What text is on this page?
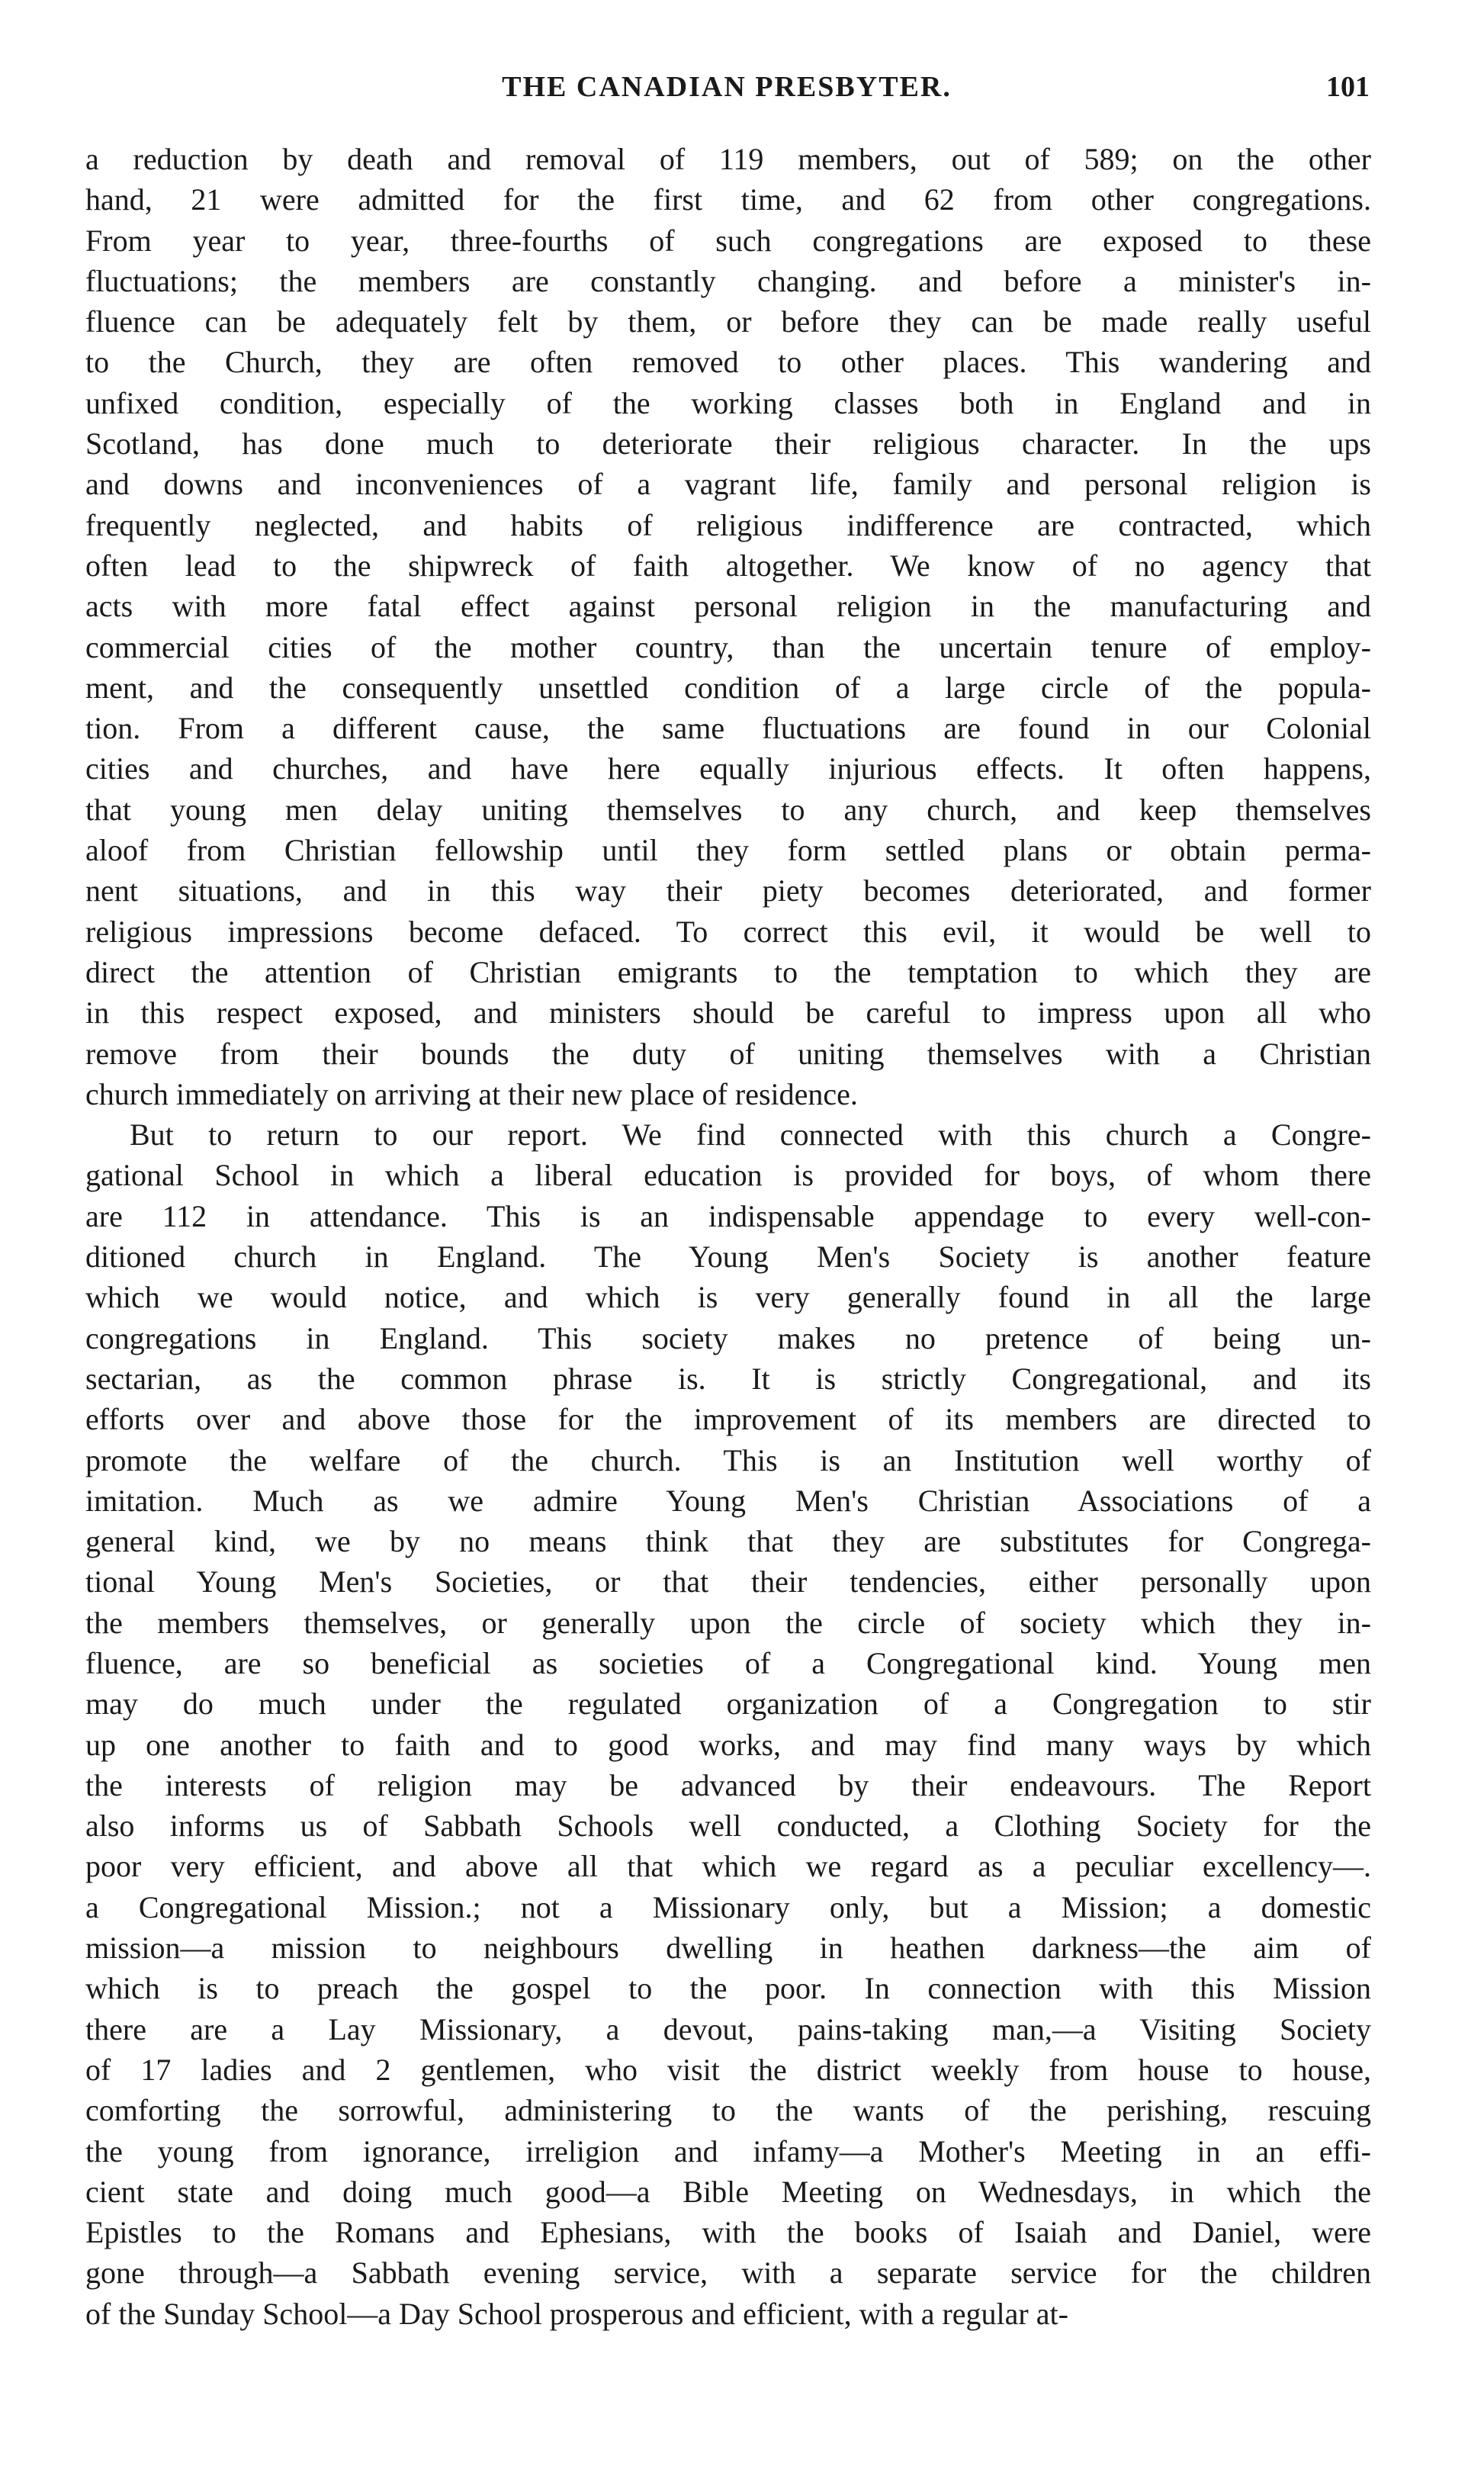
THE CANADIAN PRESBYTER.	101
a reduction by death and removal of 119 members, out of 589; on the other
hand, 21 were admitted for the first time, and 62 from other congregations.
From year to year, three-fourths of such congregations are exposed to these
fluctuations; the members are constantly changing. and before a minister's in-
fluence can be adequately felt by them, or before they can be made really useful
to the Church, they are often removed to other places. This wandering and
unfixed condition, especially of the working classes both in England and in
Scotland, has done much to deteriorate their religious character. In the ups
and downs and inconveniences of a vagrant life, family and personal religion is
frequently neglected, and habits of religious indifference are contracted, which
often lead to the shipwreck of faith altogether. We know of no agency that
acts with more fatal effect against personal religion in the manufacturing and
commercial cities of the mother country, than the uncertain tenure of employ-
ment, and the consequently unsettled condition of a large circle of the popula-
tion. From a different cause, the same fluctuations are found in our Colonial
cities and churches, and have here equally injurious effects. It often happens,
that young men delay uniting themselves to any church, and keep themselves
aloof from Christian fellowship until they form settled plans or obtain perma-
nent situations, and in this way their piety becomes deteriorated, and former
religious impressions become defaced. To correct this evil, it would be well to
direct the attention of Christian emigrants to the temptation to which they are
in this respect exposed, and ministers should be careful to impress upon all who
remove from their bounds the duty of uniting themselves with a Christian
church immediately on arriving at their new place of residence.
But to return to our report. We find connected with this church a Congre-
gational School in which a liberal education is provided for boys, of whom there
are 112 in attendance. This is an indispensable appendage to every well-con-
ditioned church in England. The Young Men's Society is another feature
which we would notice, and which is very generally found in all the large
congregations in England. This society makes no pretence of being un-
sectarian, as the common phrase is. It is strictly Congregational, and its
efforts over and above those for the improvement of its members are directed to
promote the welfare of the church. This is an Institution well worthy of
imitation. Much as we admire Young Men's Christian Associations of a
general kind, we by no means think that they are substitutes for Congrega-
tional Young Men's Societies, or that their tendencies, either personally upon
the members themselves, or generally upon the circle of society which they in-
fluence, are so beneficial as societies of a Congregational kind. Young men
may do much under the regulated organization of a Congregation to stir
up one another to faith and to good works, and may find many ways by which
the interests of religion may be advanced by their endeavours. The Report
also informs us of Sabbath Schools well conducted, a Clothing Society for the
poor very efficient, and above all that which we regard as a peculiar excellency—.
a Congregational Mission.; not a Missionary only, but a Mission; a domestic
mission—a mission to neighbours dwelling in heathen darkness—the aim of
which is to preach the gospel to the poor. In connection with this Mission
there are a Lay Missionary, a devout, pains-taking man,—a Visiting Society
of 17 ladies and 2 gentlemen, who visit the district weekly from house to house,
comforting the sorrowful, administering to the wants of the perishing, rescuing
the young from ignorance, irreligion and infamy—a Mother's Meeting in an effi-
cient state and doing much good—a Bible Meeting on Wednesdays, in which the
Epistles to the Romans and Ephesians, with the books of Isaiah and Daniel, were
gone through—a Sabbath evening service, with a separate service for the children
of the Sunday School—a Day School prosperous and efficient, with a regular at-
